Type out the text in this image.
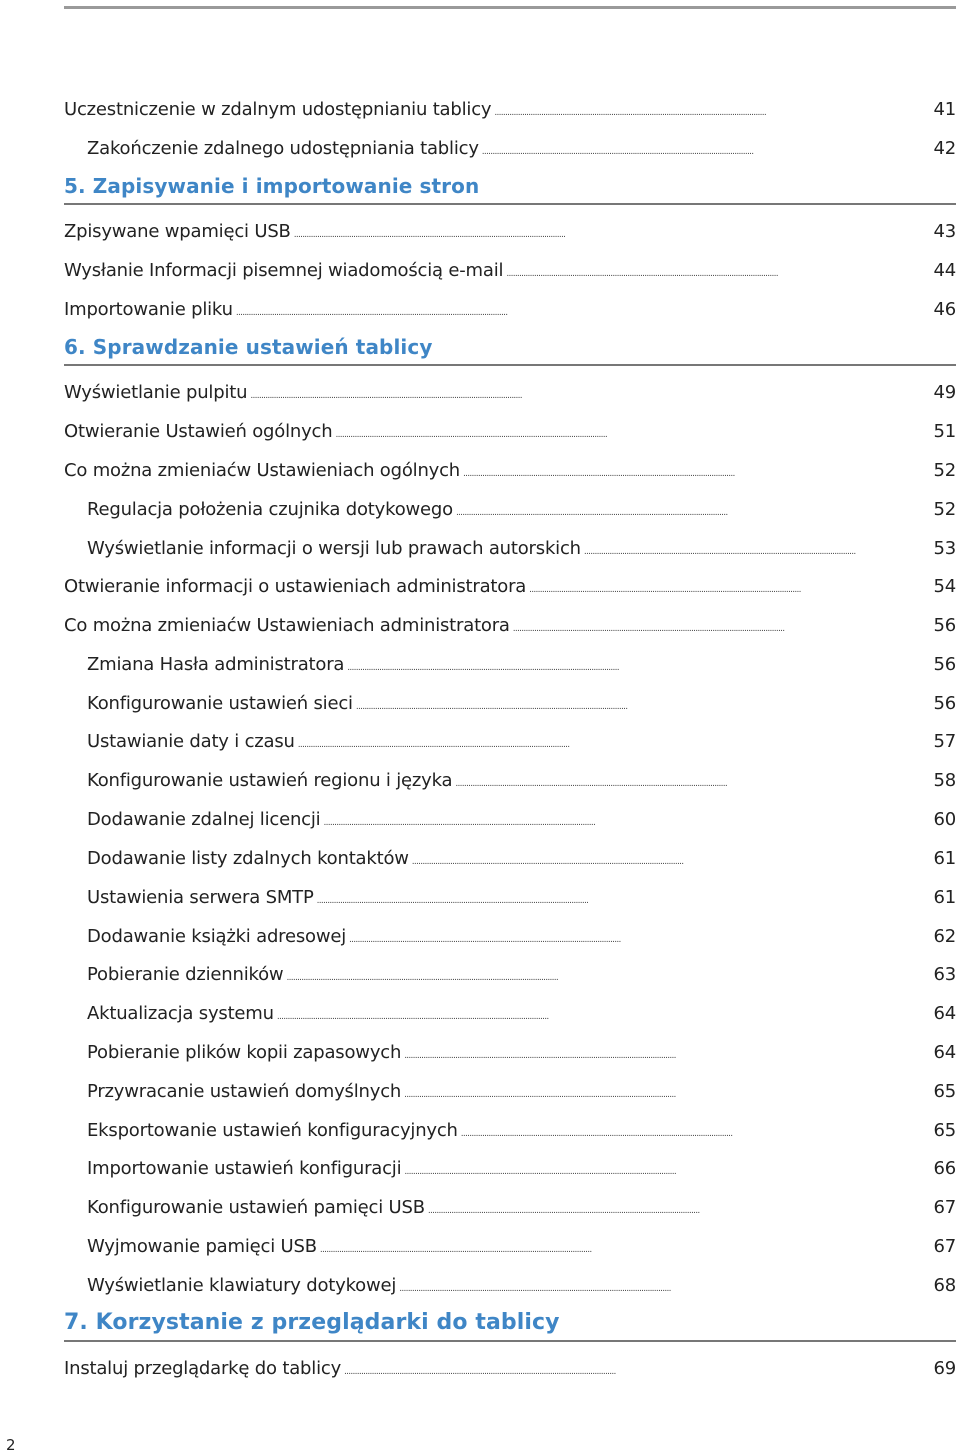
Uczestniczenie w zdalnym udostępnianiu tablicy . . .	41
Zakończenie zdalnego udostępniania tablicy . . .	42
5. Zapisywanie i importowanie stron
Zpisywane wpamięci USB . . .	43
Wysłanie Informacji pisemnej wiadomością e-mail . . .	44
Importowanie pliku . . .	46
6. Sprawdzanie ustawień tablicy
Wyświetlanie pulpitu . . .	49
Otwieranie Ustawień ogólnych . . .	51
Co można zmieniaćw Ustawieniach ogólnych . . .	52
Regulacja położenia czujnika dotykowego . . .	52
Wyświetlanie informacji o wersji lub prawach autorskich . . .	53
Otwieranie informacji o ustawieniach administratora . . .	54
Co można zmieniaćw Ustawieniach administratora . . .	56
Zmiana Hasła administratora . . .	56
Konfigurowanie ustawień sieci . . .	56
Ustawianie daty i czasu . . .	57
Konfigurowanie ustawień regionu i języka . . .	58
Dodawanie zdalnej licencji . . .	60
Dodawanie listy zdalnych kontaktów . . .	61
Ustawienia serwera SMTP . . .	61
Dodawanie książki adresowej . . .	62
Pobieranie dzienników . . .	63
Aktualizacja systemu . . .	64
Pobieranie plików kopii zapasowych . . .	64
Przywracanie ustawień domyślnych . . .	65
Eksportowanie ustawień konfiguracyjnych . . .	65
Importowanie ustawień konfiguracji . . .	66
Konfigurowanie ustawień pamięci USB . . .	67
Wyjmowanie pamięci USB . . .	67
Wyświetlanie klawiatury dotykowej . . .	68
7. Korzystanie z przeglądarki do tablicy
Instaluj przeglądarkę do tablicy . . .	69
2
